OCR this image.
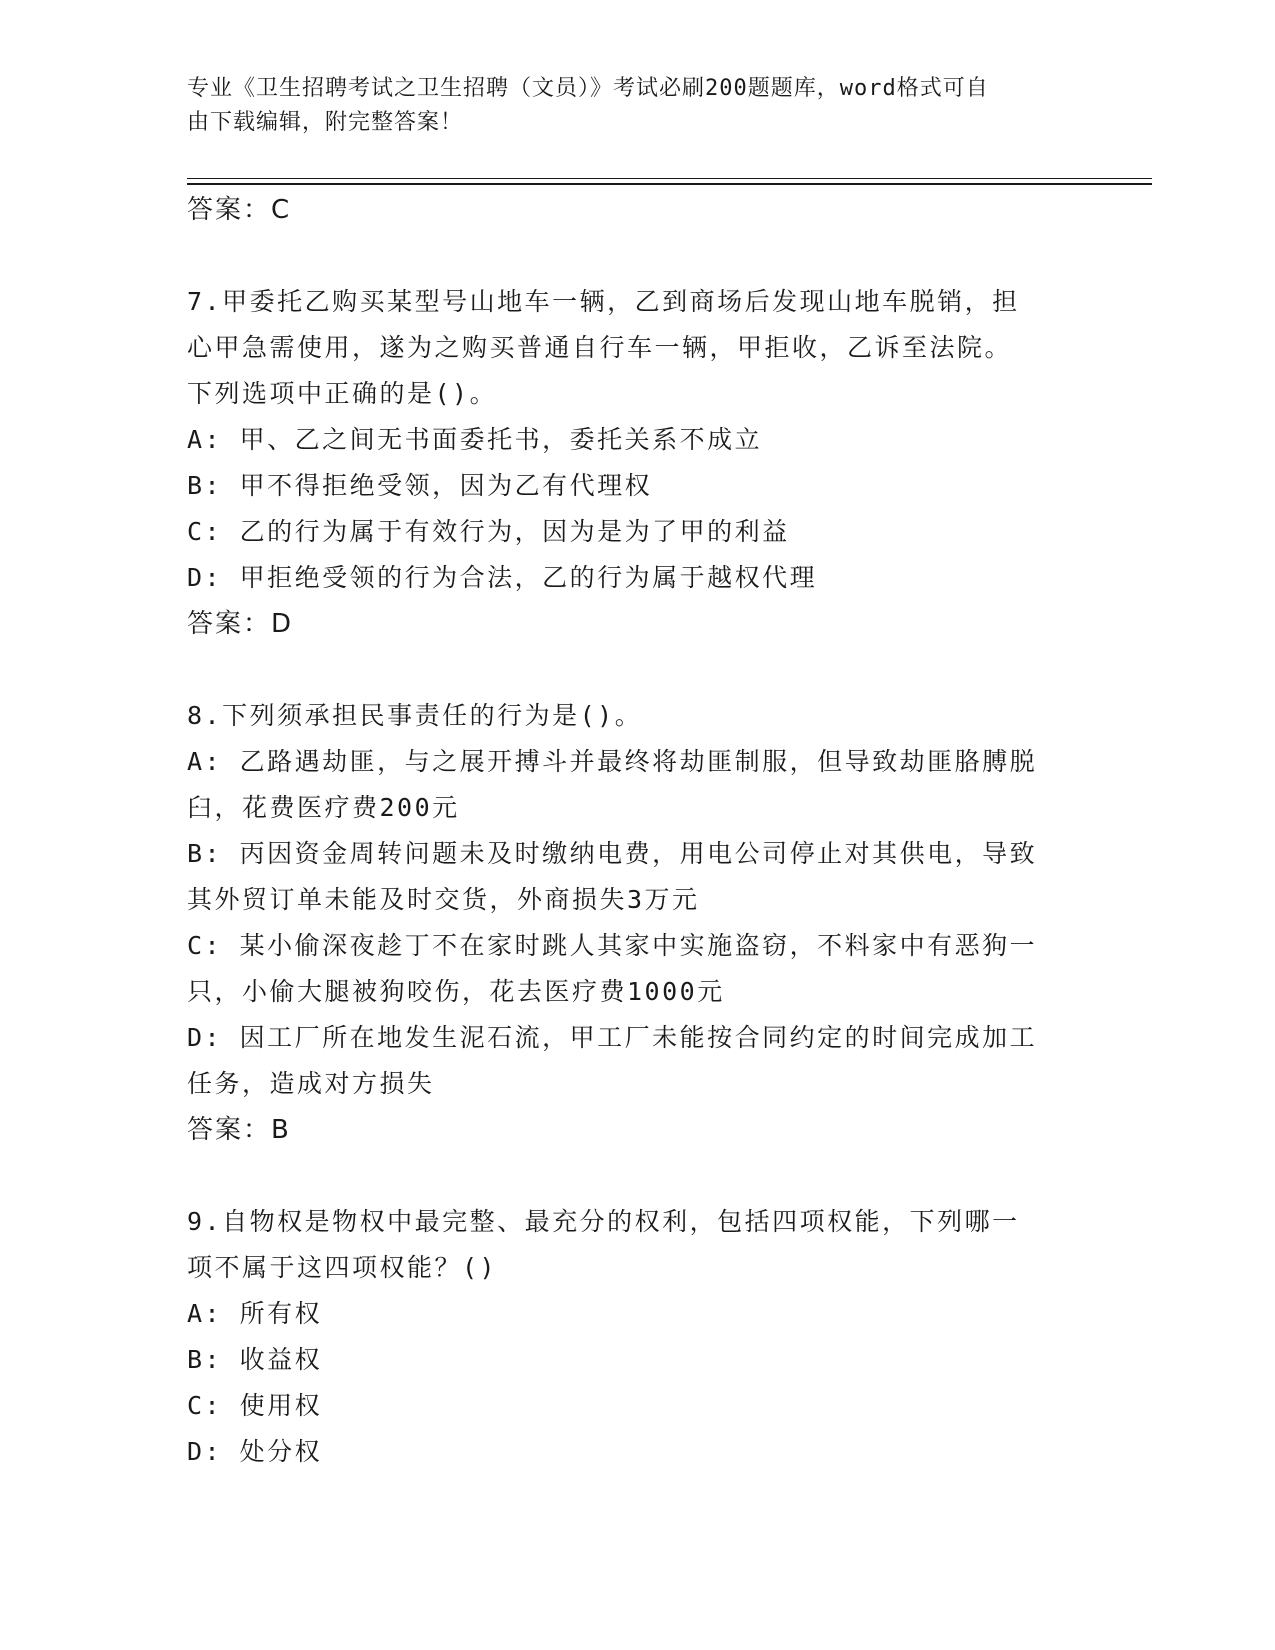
专业《卫生招聘考试之卫生招聘（文员）》考试必刷200题题库，word格式可自
由下载编辑，附完整答案！
答案：C
7.甲委托乙购买某型号山地车一辆，乙到商场后发现山地车脱销，担
心甲急需使用，遂为之购买普通自行车一辆，甲拒收，乙诉至法院。
下列选项中正确的是()。
A: 甲、乙之间无书面委托书，委托关系不成立
B: 甲不得拒绝受领，因为乙有代理权
C: 乙的行为属于有效行为，因为是为了甲的利益
D: 甲拒绝受领的行为合法，乙的行为属于越权代理
答案：D
8.下列须承担民事责任的行为是()。
A: 乙路遇劫匪，与之展开搏斗并最终将劫匪制服，但导致劫匪胳膊脱
臼，花费医疗费200元
B: 丙因资金周转问题未及时缴纳电费，用电公司停止对其供电，导致
其外贸订单未能及时交货，外商损失3万元
C: 某小偷深夜趁丁不在家时跳人其家中实施盗窃，不料家中有恶狗一
只，小偷大腿被狗咬伤，花去医疗费1000元
D: 因工厂所在地发生泥石流，甲工厂未能按合同约定的时间完成加工
任务，造成对方损失
答案：B
9.自物权是物权中最完整、最充分的权利，包括四项权能，下列哪一
项不属于这四项权能？()
A: 所有权
B: 收益权
C: 使用权
D: 处分权
